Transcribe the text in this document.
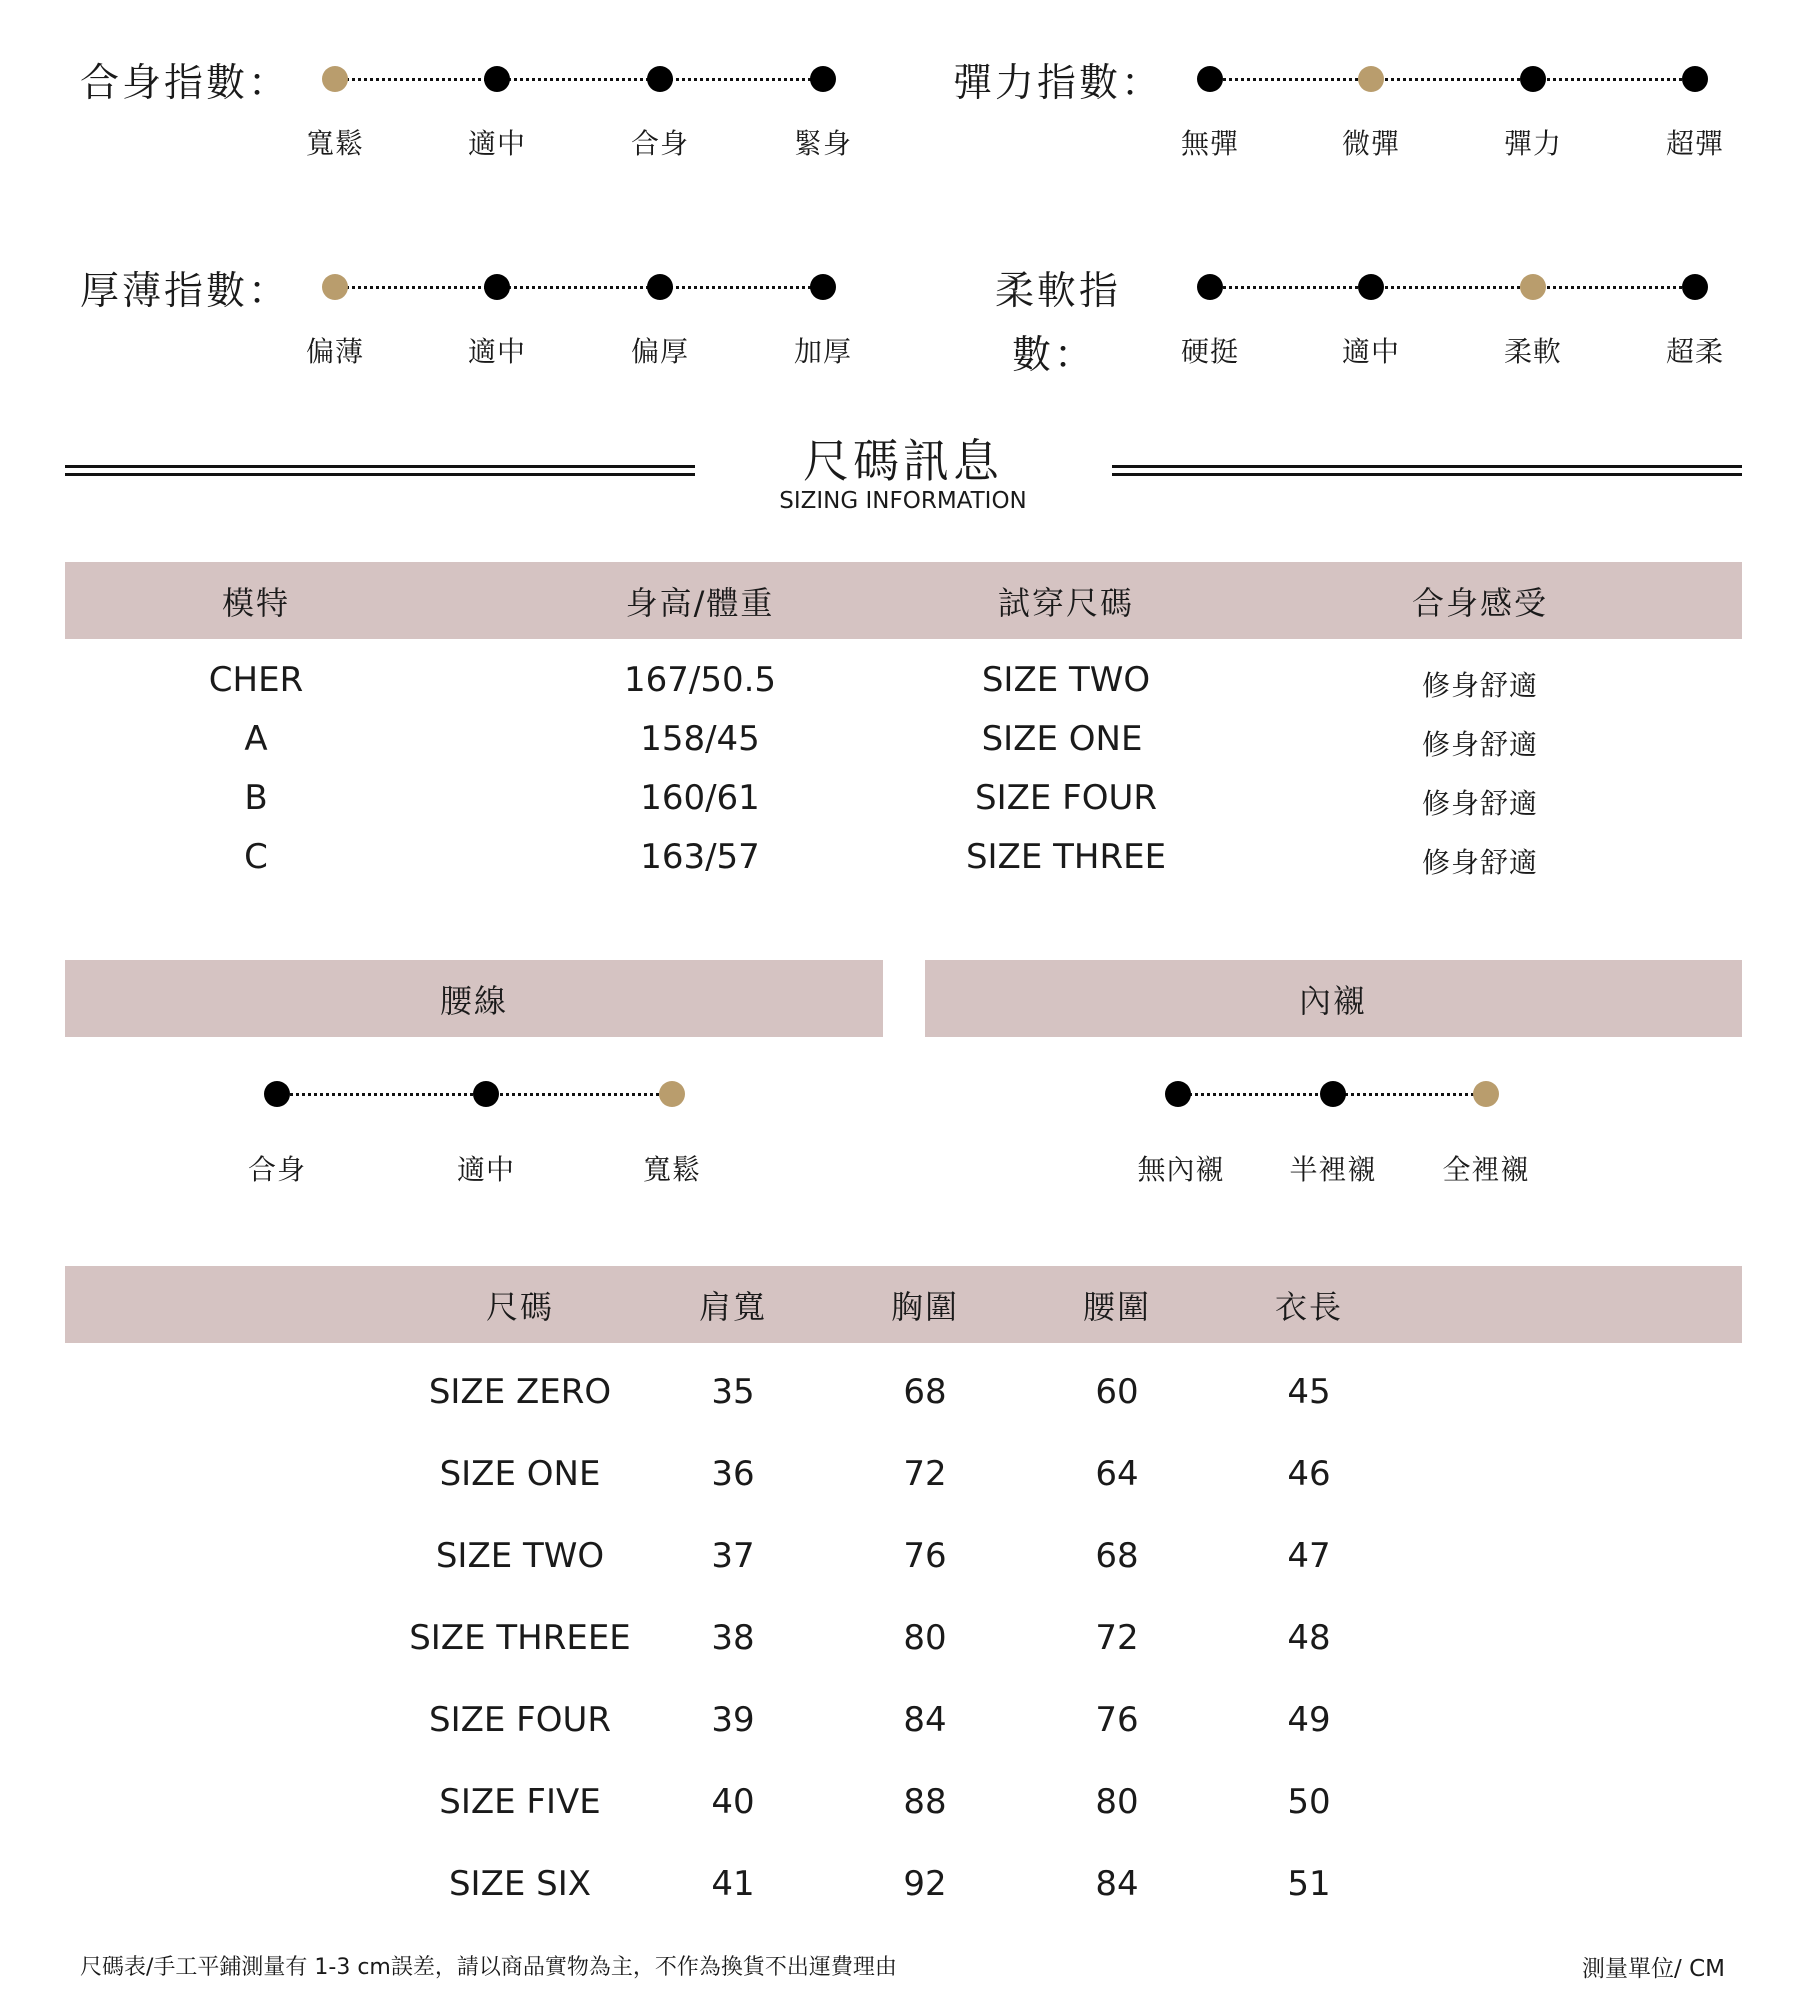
合身指數：
寬鬆	適中	合身	緊身
彈力指數：
無彈	微彈	彈力	超彈
厚薄指數：
偏薄	適中	偏厚	加厚
柔軟指
數：	硬挺	適中	柔軟	超柔
尺碼訊息
SIZING INFORMATION
模特	身高/體重	試穿尺碼	合身感受
CHER	167/50.5	SIZE TWO	修身舒適
A	158/45	SIZE ONE	修身舒適
B	160/61	SIZE FOUR	修身舒適
C	163/57	SIZE THREE	修身舒適
腰線
合身	適中	寬鬆
內襯
無內襯 半裡襯 全裡襯
尺碼	肩寬	胸圍	腰圍	衣長
SIZE ZERO	35	68	60	45
SIZE ONE	36	72	64	46
SIZE TWO	37	76	68	47
SIZE THREEE 38	80	72	48
SIZE FOUR	39	84	76	49
SIZE FIVE	40	88	80	50
SIZE SIX	41	92	84	51
尺碼表/手工平鋪測量有 1-3 cm誤差，請以商品實物為主，不作為換貨不出運費理由	測量單位/ CM
